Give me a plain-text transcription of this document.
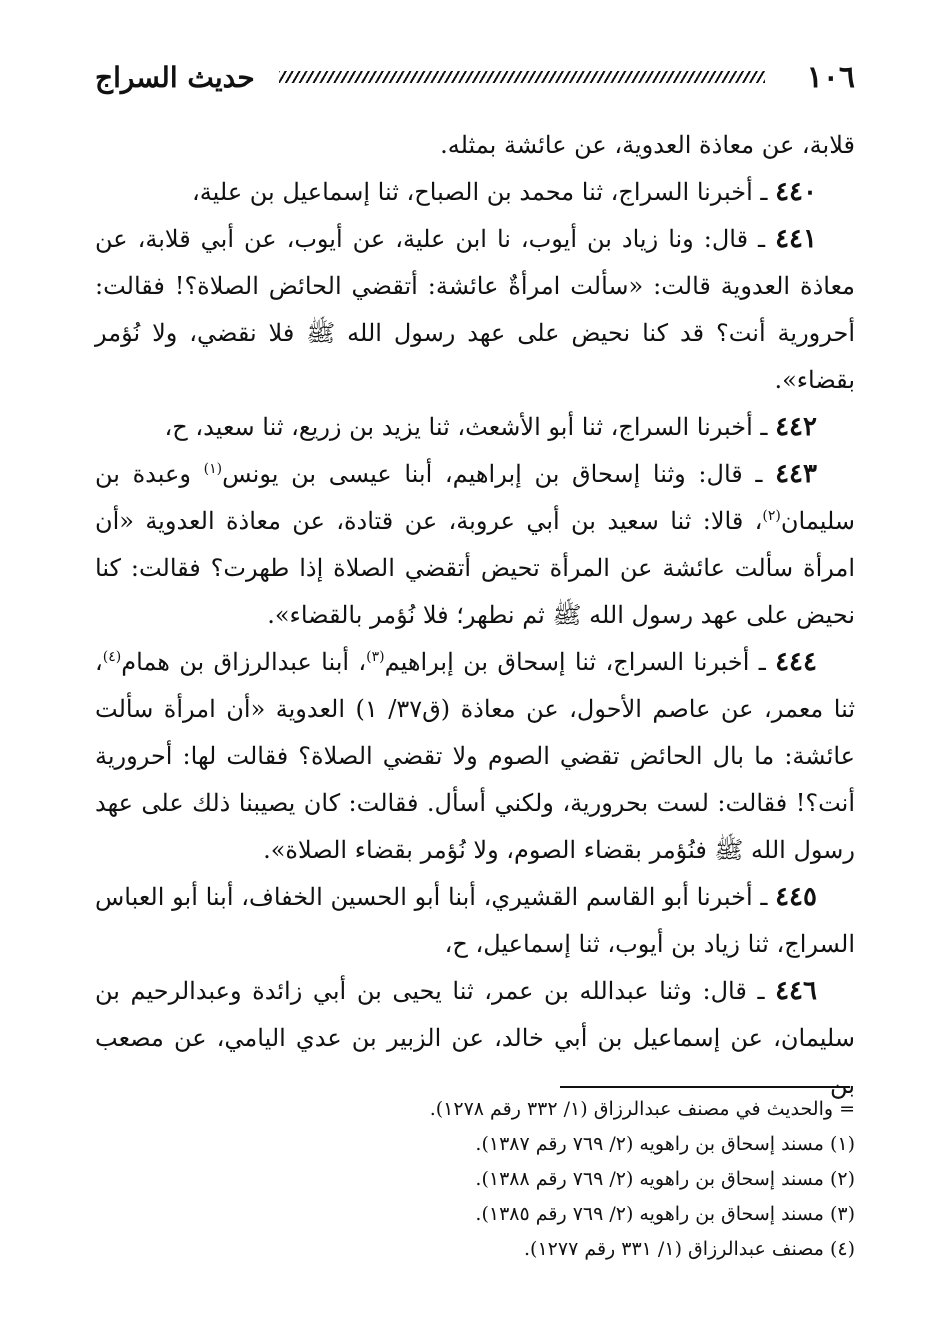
١٠٦
حديث السراج

قلابة، عن معاذة العدوية، عن عائشة بمثله.

٤٤٠ ـ أخبرنا السراج، ثنا محمد بن الصباح، ثنا إسماعيل بن علية،

٤٤١ ـ قال: ونا زياد بن أيوب، نا ابن علية، عن أيوب، عن أبي قلابة، عن معاذة العدوية قالت: «سألت امرأةٌ عائشة: أتقضي الحائض الصلاة؟! فقالت: أحرورية أنت؟ قد كنا نحيض على عهد رسول الله ﷺ فلا نقضي، ولا نُؤمر بقضاء».

٤٤٢ ـ أخبرنا السراج، ثنا أبو الأشعث، ثنا يزيد بن زريع، ثنا سعيد، ح،

٤٤٣ ـ قال: وثنا إسحاق بن إبراهيم، أبنا عيسى بن يونس$^{(١)}$ وعبدة بن سليمان$^{(٢)}$، قالا: ثنا سعيد بن أبي عروبة، عن قتادة، عن معاذة العدوية «أن امرأة سألت عائشة عن المرأة تحيض أتقضي الصلاة إذا طهرت؟ فقالت: كنا نحيض على عهد رسول الله ﷺ ثم نطهر؛ فلا نُؤمر بالقضاء».

٤٤٤ ـ أخبرنا السراج، ثنا إسحاق بن إبراهيم$^{(٣)}$، أبنا عبدالرزاق بن همام$^{(٤)}$، ثنا معمر، عن عاصم الأحول، عن معاذة (ق٣٧/ ١) العدوية «أن امرأة سألت عائشة: ما بال الحائض تقضي الصوم ولا تقضي الصلاة؟ فقالت لها: أحرورية أنت؟! فقالت: لست بحرورية، ولكني أسأل. فقالت: كان يصيبنا ذلك على عهد رسول الله ﷺ فنُؤمر بقضاء الصوم، ولا نُؤمر بقضاء الصلاة».

٤٤٥ ـ أخبرنا أبو القاسم القشيري، أبنا أبو الحسين الخفاف، أبنا أبو العباس السراج، ثنا زياد بن أيوب، ثنا إسماعيل، ح،

٤٤٦ ـ قال: وثنا عبدالله بن عمر، ثنا يحيى بن أبي زائدة وعبدالرحيم بن سليمان، عن إسماعيل بن أبي خالد، عن الزبير بن عدي اليامي، عن مصعب بن

= والحديث في مصنف عبدالرزاق (١/ ٣٣٢ رقم ١٢٧٨).

(١) مسند إسحاق بن راهويه (٢/ ٧٦٩ رقم ١٣٨٧).

(٢) مسند إسحاق بن راهويه (٢/ ٧٦٩ رقم ١٣٨٨).

(٣) مسند إسحاق بن راهويه (٢/ ٧٦٩ رقم ١٣٨٥).

(٤) مصنف عبدالرزاق (١/ ٣٣١ رقم ١٢٧٧).
